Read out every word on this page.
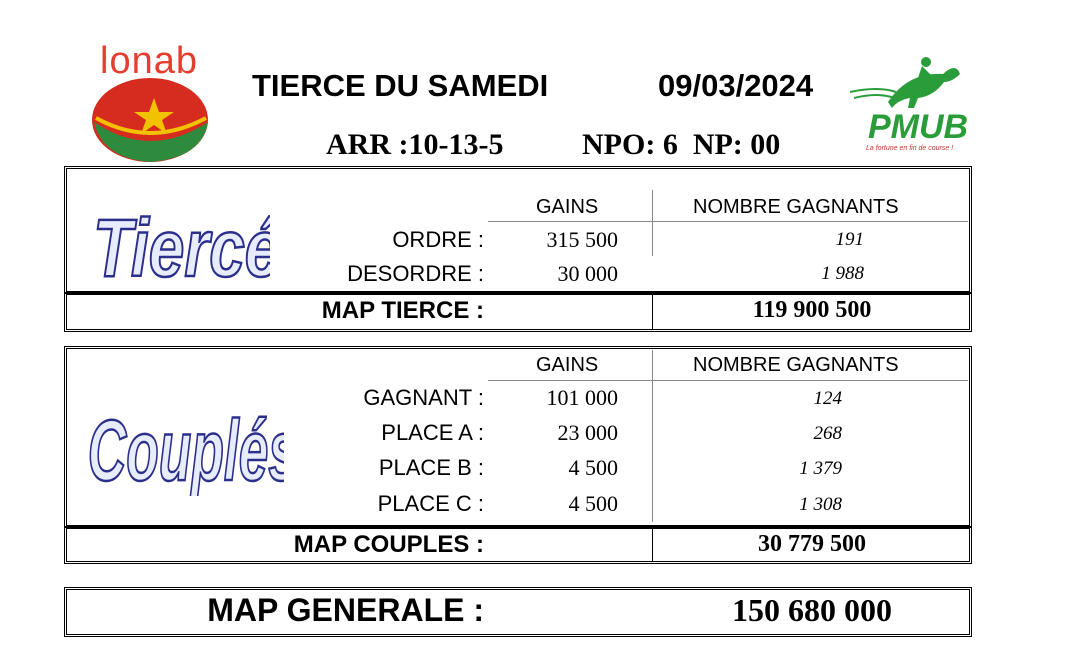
lonab
PMUB
La fortune en fin de course !
TIERCE DU SAMEDI	09/03/2024
ARR :10-13-5	NPO: 6  NP: 00
Tiercé	GAINS	NOMBRE GAGNANTS
ORDRE :	315 500	191
DESORDRE :	30 000	1 988
MAP TIERCE :	119 900 500
Couplés
GAINS	NOMBRE GAGNANTS
GAGNANT :	101 000	124
PLACE A :	23 000	268
PLACE B :	4 500	1 379
PLACE C :	4 500	1 308
MAP COUPLES :	30 779 500
MAP GENERALE :	150 680 000
